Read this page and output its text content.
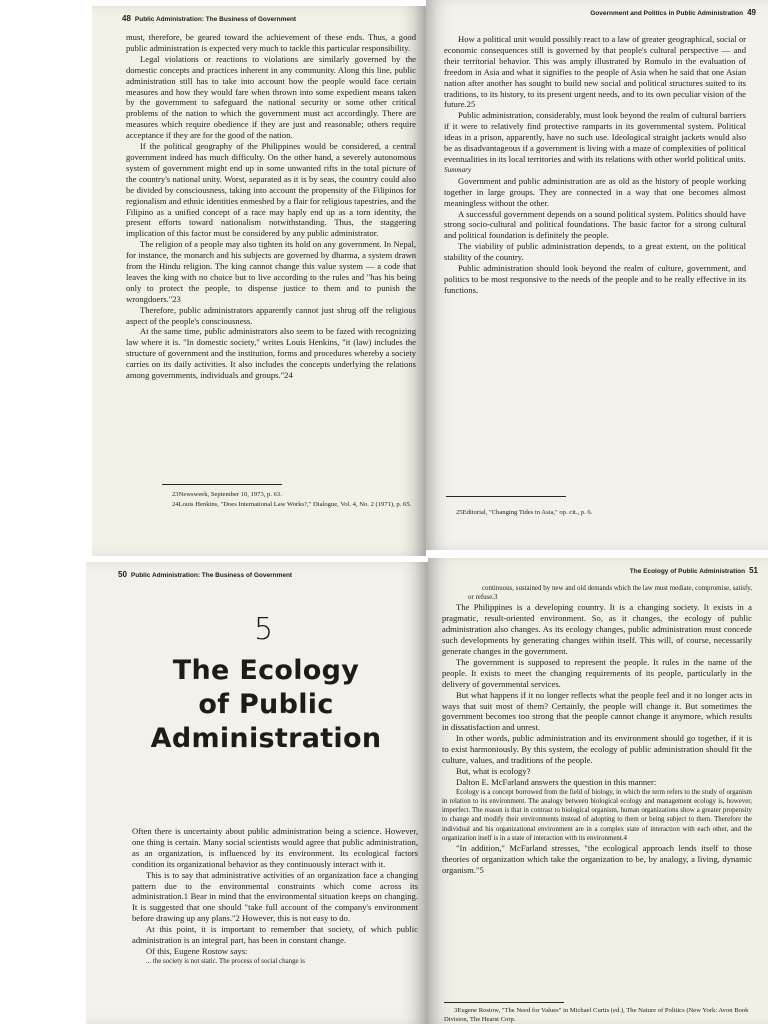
48 Public Administration: The Business of Government

must, therefore, be geared toward the achievement of these ends. Thus, a good public administration is expected very much to tackle this particular responsibility.

Legal violations or reactions to violations are similarly governed by the domestic concepts and practices inherent in any community. Along this line, public administration still has to take into account how the people would face certain measures and how they would fare when thrown into some expedient means taken by the government to safeguard the national security or some other critical problems of the nation to which the government must act accordingly. There are measures which require obedience if they are just and reasonable; others require acceptance if they are for the good of the nation.

If the political geography of the Philippines would be considered, a central government indeed has much difficulty. On the other hand, a severely autonomous system of government might end up in some unwanted rifts in the total picture of the country's national unity. Worst, separated as it is by seas, the country could also be divided by consciousness, taking into account the propensity of the Filipinos for regionalism and ethnic identities enmeshed by a flair for religious tapestries, and the Filipino as a unified concept of a race may haply end up as a torn identity, the present efforts toward nationalism notwithstanding. Thus, the staggering implication of this factor must be considered by any public administrator.

The religion of a people may also tighten its hold on any government. In Nepal, for instance, the monarch and his subjects are governed by dharma, a system drawn from the Hindu religion. The king cannot change this value system — a code that leaves the king with no choice but to live according to the rules and "has his being only to protect the people, to dispense justice to them and to punish the wrongdoers."23

Therefore, public administrators apparently cannot just shrug off the religious aspect of the people's consciousness.

At the same time, public administrators also seem to be fazed with recognizing law where it is. "In domestic society," writes Louis Henkins, "it (law) includes the structure of government and the institution, forms and procedures whereby a society carries on its daily activities. It also includes the concepts underlying the relations among governments, individuals and groups."24

23Newsweek, September 10, 1973, p. 63.

24Louis Henkins, "Does International Law Works?," Dialogue, Vol. 4, No. 2 (1971), p. 65.

Government and Politics in Public Administration 49

How a political unit would possibly react to a law of greater geographical, social or economic consequences still is governed by that people's cultural perspective — and their territorial behavior. This was amply illustrated by Romulo in the evaluation of freedom in Asia and what it signifies to the people of Asia when he said that one Asian nation after another has sought to build new social and political structures suited to its traditions, to its history, to its present urgent needs, and to its own peculiar vision of the future.25

Public administration, considerably, must look beyond the realm of cultural barriers if it were to relatively find protective ramparts in its governmental system. Political ideas in a prison, apparently, have no such use. Ideological straight jackets would also be as disadvantageous if a government is living with a maze of complexities of political eventualities in its local territories and with its relations with other world political units.

Summary

Government and public administration are as old as the history of people working together in large groups. They are connected in a way that one becomes almost meaningless without the other.

A successful government depends on a sound political system. Politics should have strong socio-cultural and political foundations. The basic factor for a strong cultural and political foundation is definitely the people.

The viability of public administration depends, to a great extent, on the political stability of the country.

Public administration should look beyond the realm of culture, government, and politics to be most responsive to the needs of the people and to be really effective in its functions.

25Editorial, "Changing Tides in Asia," op. cit., p. 6.

50 Public Administration: The Business of Government
5
The Ecology
of Public
Administration

Often there is uncertainty about public administration being a science. However, one thing is certain. Many social scientists would agree that public administration, as an organization, is influenced by its environment. Its ecological factors condition its organizational behavior as they continuously interact with it.

This is to say that administrative activities of an organization face a changing pattern due to the environmental constraints which come across its administration.1 Bear in mind that the environmental situation keeps on changing. It is suggested that one should "take full account of the company's environment before drawing up any plans."2 However, this is not easy to do.

At this point, it is important to remember that society, of which public administration is an integral part, has been in constant change.

Of this, Eugene Rostow says:

... the society is not static. The process of social change is

The Ecology of Public Administration 51

continuous, sustained by new and old demands which the law must mediate, compromise, satisfy, or refuse.3

The Philippines is a developing country. It is a changing society. It exists in a pragmatic, result-oriented environment. So, as it changes, the ecology of public administration also changes. As its ecology changes, public administration must concede such developments by generating changes within itself. This will, of course, necessarily generate changes in the government.

The government is supposed to represent the people. It rules in the name of the people. It exists to meet the changing requirements of its people, particularly in the delivery of governmental services.

But what happens if it no longer reflects what the people feel and it no longer acts in ways that suit most of them? Certainly, the people will change it. But sometimes the government becomes too strong that the people cannot change it anymore, which results in dissatisfaction and unrest.

In other words, public administration and its environment should go together, if it is to exist harmoniously. By this system, the ecology of public administration should fit the culture, values, and traditions of the people.

But, what is ecology?

Dalton E. McFarland answers the question in this manner:

Ecology is a concept borrowed from the field of biology, in which the term refers to the study of organism in relation to its environment. The analogy between biological ecology and management ecology is, however, imperfect. The reason is that in contrast to biological organism, human organizations show a greater propensity to change and modify their environments instead of adopting to them or being subject to them. Therefore the individual and his organizational environment are in a complex state of interaction with each other, and the organization itself is in a state of interaction with its environment.4

"In addition," McFarland stresses, "the ecological approach lends itself to those theories of organization which take the organization to be, by analogy, a living, dynamic organism."5

3Eugene Rostow, "The Need for Values" in Michael Curtis (ed.), The Nature of Politics (New York: Avon Book Division, The Hearst Corp.
